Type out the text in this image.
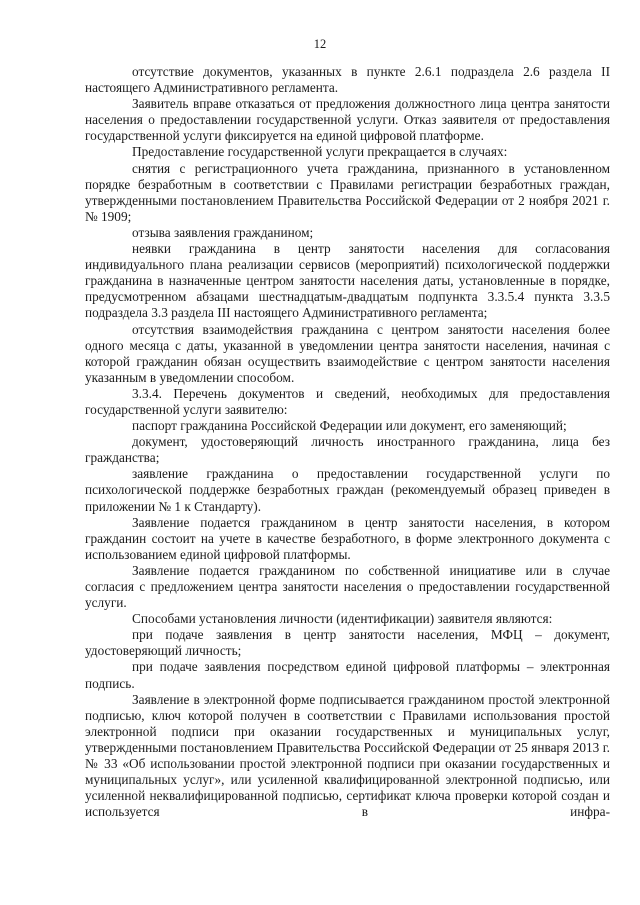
12

отсутствие документов, указанных в пункте 2.6.1 подраздела 2.6 раздела II настоящего Административного регламента.

Заявитель вправе отказаться от предложения должностного лица центра занятости населения о предоставлении государственной услуги. Отказ заявителя от предоставления государственной услуги фиксируется на единой цифровой платформе.

Предоставление государственной услуги прекращается в случаях:

снятия с регистрационного учета гражданина, признанного в установленном порядке безработным в соответствии с Правилами регистрации безработных граждан, утвержденными постановлением Правительства Российской Федерации от 2 ноября 2021 г. № 1909;

отзыва заявления гражданином;

неявки гражданина в центр занятости населения для согласования индивидуального плана реализации сервисов (мероприятий) психологической поддержки гражданина в назначенные центром занятости населения даты, установленные в порядке, предусмотренном абзацами шестнадцатым-двадцатым подпункта 3.3.5.4 пункта 3.3.5 подраздела 3.3 раздела III настоящего Административного регламента;

отсутствия взаимодействия гражданина с центром занятости населения более одного месяца с даты, указанной в уведомлении центра занятости населения, начиная с которой гражданин обязан осуществить взаимодействие с центром занятости населения указанным в уведомлении способом.

3.3.4. Перечень документов и сведений, необходимых для предоставления государственной услуги заявителю:

паспорт гражданина Российской Федерации или документ, его заменяющий;

документ, удостоверяющий личность иностранного гражданина, лица без гражданства;

заявление гражданина о предоставлении государственной услуги по психологической поддержке безработных граждан (рекомендуемый образец приведен в приложении № 1 к Стандарту).

Заявление подается гражданином в центр занятости населения, в котором гражданин состоит на учете в качестве безработного, в форме электронного документа с использованием единой цифровой платформы.

Заявление подается гражданином по собственной инициативе или в случае согласия с предложением центра занятости населения о предоставлении государственной услуги.

Способами установления личности (идентификации) заявителя являются:

при подаче заявления в центр занятости населения, МФЦ – документ, удостоверяющий личность;

при подаче заявления посредством единой цифровой платформы – электронная подпись.

Заявление в электронной форме подписывается гражданином простой электронной подписью, ключ которой получен в соответствии с Правилами использования простой электронной подписи при оказании государственных и муниципальных услуг, утвержденными постановлением Правительства Российской Федерации от 25 января 2013 г. № 33 «Об использовании простой электронной подписи при оказании государственных и муниципальных услуг», или усиленной квалифицированной электронной подписью, или усиленной неквалифицированной подписью, сертификат ключа проверки которой создан и используется в инфра-
